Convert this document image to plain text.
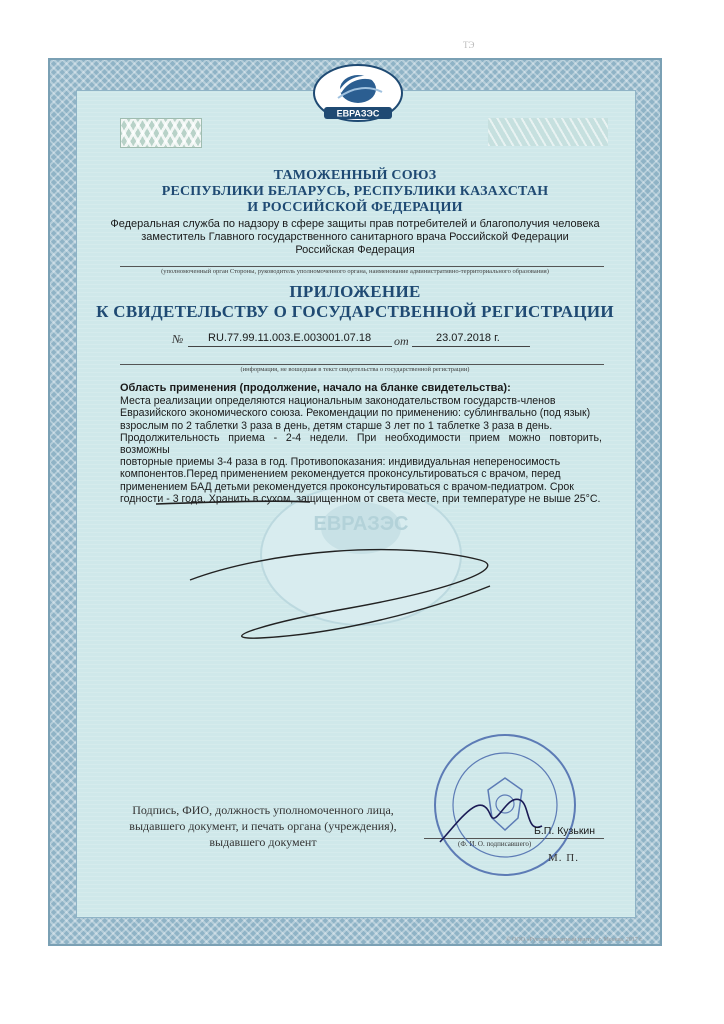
ТЭ
ЕВРАЗЭС

ТАМОЖЕННЫЙ СОЮЗ

РЕСПУБЛИКИ БЕЛАРУСЬ, РЕСПУБЛИКИ КАЗАХСТАН

И РОССИЙСКОЙ ФЕДЕРАЦИИ

Федеральная служба по надзору в сфере защиты прав потребителей и благополучия человека

заместитель Главного государственного санитарного врача Российской Федерации

Российская Федерация

(уполномоченный орган Стороны, руководитель уполномоченного органа, наименование административно-территориального образования)

ПРИЛОЖЕНИЕ

К СВИДЕТЕЛЬСТВУ О ГОСУДАРСТВЕННОЙ РЕГИСТРАЦИИ

№ RU.77.99.11.003.Е.003001.07.18 от 23.07.2018 г.

(информация, не вошедшая в текст свидетельства о государственной регистрации)

ЕВРАЗЭС
Область применения (продолжение, начало на бланке свидетельства):
Места реализации определяются национальным законодательством государств-членов
Евразийского экономического союза. Рекомендации по применению: сублингвально (под язык)
взрослым по 2 таблетки 3 раза в день, детям старше 3 лет по 1 таблетке 3 раза в день.
Продолжительность приема - 2-4 недели. При необходимости прием можно повторить, возможны
повторные приемы 3-4 раза в год. Противопоказания: индивидуальная непереносимость
компонентов.Перед применением рекомендуется проконсультироваться с врачом, перед
применением БАД детьми рекомендуется проконсультироваться с врачом-педиатром. Срок
годности - 3 года. Хранить в сухом, защищенном от света месте, при температуре не выше 25°С.
Подпись, ФИО, должность уполномоченного лица, выдавшего документ, и печать органа (учреждения), выдавшего документ	(Ф. И. О. подписавшего)
Б.П. Кузькин
М. П.
© ООО «Русский печатный центр», г. Москва, 2017 г.
